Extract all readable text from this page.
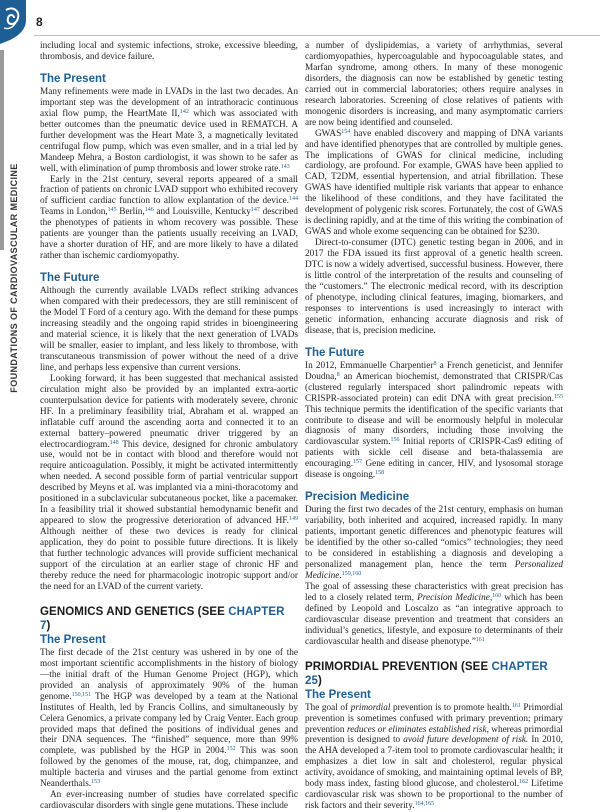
8
FOUNDATIONS OF CARDIOVASCULAR MEDICINE

including local and systemic infections, stroke, excessive bleeding, thrombosis, and device failure.

The Present

Many refinements were made in LVADs in the last two decades. An important step was the development of an intrathoracic continuous axial flow pump, the HeartMate II,$^{142}$ which was associated with better outcomes than the pneumatic device used in REMATCH. A further development was the Heart Mate 3, a magnetically levitated centrifugal flow pump, which was even smaller, and in a trial led by Mandeep Mehra, a Boston cardiologist, it was shown to be safer as well, with elimination of pump thrombosis and lower stroke rate.$^{143}$

Early in the 21st century, several reports appeared of a small fraction of patients on chronic LVAD support who exhibited recovery of sufficient cardiac function to allow explantation of the device.$^{144}$ Teams in London,$^{145}$ Berlin,$^{146}$ and Louisville, Kentucky$^{147}$ described the phenotypes of patients in whom recovery was possible. These patients are younger than the patients usually receiving an LVAD, have a shorter duration of HF, and are more likely to have a dilated rather than ischemic cardiomyopathy.

The Future

Although the currently available LVADs reflect striking advances when compared with their predecessors, they are still reminiscent of the Model T Ford of a century ago. With the demand for these pumps increasing steadily and the ongoing rapid strides in bioengineering and material science, it is likely that the next generation of LVADs will be smaller, easier to implant, and less likely to thrombose, with transcutaneous transmission of power without the need of a drive line, and perhaps less expensive than current versions.

Looking forward, it has been suggested that mechanical assisted circulation might also be provided by an implanted extra-aortic counterpulsation device for patients with moderately severe, chronic HF. In a preliminary feasibility trial, Abraham et al. wrapped an inflatable cuff around the ascending aorta and connected it to an external battery–powered pneumatic driver triggered by an electrocardiogram.$^{148}$ This device, designed for chronic ambulatory use, would not be in contact with blood and therefore would not require anticoagulation. Possibly, it might be activated intermittently when needed. A second possible form of partial ventricular support described by Meyns et al. was implanted via a mini-thoracotomy and positioned in a subclavicular subcutaneous pocket, like a pacemaker. In a feasibility trial it showed substantial hemodynamic benefit and appeared to slow the progressive deterioration of advanced HF.$^{149}$ Although neither of these two devices is ready for clinical application, they do point to possible future directions. It is likely that further technologic advances will provide sufficient mechanical support of the circulation at an earlier stage of chronic HF and thereby reduce the need for pharmacologic inotropic support and/or the need for an LVAD of the current variety.

GENOMICS AND GENETICS (SEE CHAPTER 7)
The Present

The first decade of the 21st century was ushered in by one of the most important scientific accomplishments in the history of biology—the initial draft of the Human Genome Project (HGP), which provided an analysis of approximately 90% of the human genome.$^{150,151}$ The HGP was developed by a team at the National Institutes of Health, led by Francis Collins, and simultaneously by Celera Genomics, a private company led by Craig Venter. Each group provided maps that defined the positions of individual genes and their DNA sequences. The “finished” sequence, more than 99% complete, was published by the HGP in 2004.$^{152}$ This was soon followed by the genomes of the mouse, rat, dog, chimpanzee, and multiple bacteria and viruses and the partial genome from extinct Neanderthals.$^{153}$

An ever-increasing number of studies have correlated specific cardiovascular disorders with single gene mutations. These include

a number of dyslipidemias, a variety of arrhythmias, several cardiomyopathies, hypercoagulable and hypocoagulable states, and Marfan syndrome, among others. In many of these monogenic disorders, the diagnosis can now be established by genetic testing carried out in commercial laboratories; others require analyses in research laboratories. Screening of close relatives of patients with monogenic disorders is increasing, and many asymptomatic carriers are now being identified and counseled.

GWAS$^{154}$ have enabled discovery and mapping of DNA variants and have identified phenotypes that are controlled by multiple genes. The implications of GWAS for clinical medicine, including cardiology, are profound. For example, GWAS have been applied to CAD, T2DM, essential hypertension, and atrial fibrillation. These GWAS have identified multiple risk variants that appear to enhance the likelihood of these conditions, and they have facilitated the development of polygenic risk scores. Fortunately, the cost of GWAS is declining rapidly, and at the time of this writing the combination of GWAS and whole exome sequencing can be obtained for $230.

Direct-to-consumer (DTC) genetic testing began in 2006, and in 2017 the FDA issued its first approval of a genetic health screen. DTC is now a widely advertised, successful business. However, there is little control of the interpretation of the results and counseling of the “customers.” The electronic medical record, with its description of phenotype, including clinical features, imaging, biomarkers, and responses to interventions is used increasingly to interact with genetic information, enhancing accurate diagnosis and risk of disease, that is, precision medicine.

The Future

In 2012, Emmanuelle Charpentier$^8$ a French geneticist, and Jennifer Doudna,$^8$ an American biochemist, demonstrated that CRISPR/Cas (clustered regularly interspaced short palindromic repeats with CRISPR-associated protein) can edit DNA with great precision.$^{155}$ This technique permits the identification of the specific variants that contribute to disease and will be enormously helpful in molecular diagnosis of many disorders, including those involving the cardiovascular system.$^{156}$ Initial reports of CRISPR-Cas9 editing of patients with sickle cell disease and beta-thalassemia are encouraging.$^{157}$ Gene editing in cancer, HIV, and lysosomal storage disease is ongoing.$^{158}$

Precision Medicine

During the first two decades of the 21st century, emphasis on human variability, both inherited and acquired, increased rapidly. In many patients, important genetic differences and phenotypic features will be identified by the other so-called “omics” technologies; they need to be considered in establishing a diagnosis and developing a personalized management plan, hence the term Personalized Medicine.$^{159,160}$

The goal of assessing these characteristics with great precision has led to a closely related term, Precision Medicine,$^{160}$ which has been defined by Leopold and Loscalzo as “an integrative approach to cardiovascular disease prevention and treatment that considers an individual’s genetics, lifestyle, and exposure to determinants of their cardiovascular health and disease phenotype.”$^{161}$

PRIMORDIAL PREVENTION (SEE CHAPTER 25)
The Present

The goal of primordial prevention is to promote health.$^{161}$ Primordial prevention is sometimes confused with primary prevention; primary prevention reduces or eliminates established risk, whereas primordial prevention is designed to avoid future development of risk. In 2010, the AHA developed a 7-item tool to promote cardiovascular health; it emphasizes a diet low in salt and cholesterol, regular physical activity, avoidance of smoking, and maintaining optimal levels of BP, body mass index, fasting blood glucose, and cholesterol.$^{162}$ Lifetime cardiovascular risk was shown to be proportional to the number of risk factors and their severity.$^{164,165}$
